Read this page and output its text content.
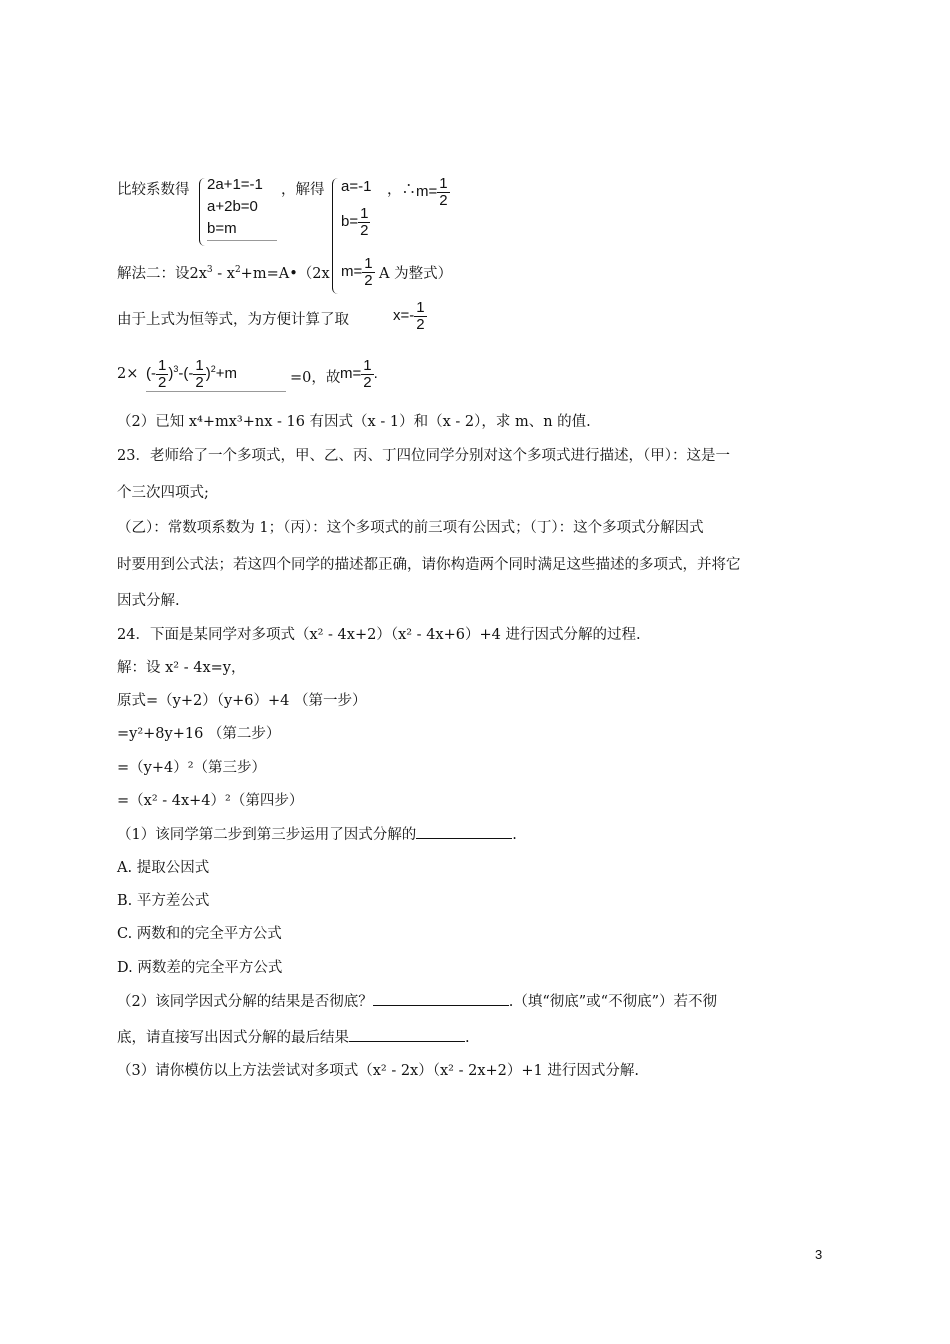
比较系数得 2a+1=-1
a+2b=0
b=m
，解得 a=-1
$b= \frac{1}{2}$
$m= \frac{1}{2}$
，∴ $m= \frac{1}{2}$
解法二：设$2x^3$ - $x^2+m=A•(2x$	A 为整式）
由于上式为恒等式，为方便计算了取	$x=- \frac{1}{2}$
2× (- $\frac{1}{2} )^3-(- \frac{1}{2} )^2+m$	=0，故 $m= \frac{1}{2}$ .
（2）已知 x⁴+mx³+nx - 16 有因式（x - 1）和（x - 2），求 m、n 的值.
23．老师给了一个多项式，甲、乙、丙、丁四位同学分别对这个多项式进行描述，（甲）：这是一
个三次四项式;
（乙）：常数项系数为 1；（丙）：这个多项式的前三项有公因式；（丁）：这个多项式分解因式
时要用到公式法；若这四个同学的描述都正确，请你构造两个同时满足这些描述的多项式，并将它
因式分解.
24．下面是某同学对多项式（x² - 4x+2）（x² - 4x+6）+4 进行因式分解的过程.
解：设 x² - 4x=y，
原式=（y+2）（y+6）+4 （第一步）
=y²+8y+16 （第二步）
=（y+4）²（第三步）
=（x² - 4x+4）²（第四步）
（1）该同学第二步到第三步运用了因式分解的	.
A. 提取公因式
B. 平方差公式
C. 两数和的完全平方公式
D. 两数差的完全平方公式
（2）该同学因式分解的结果是否彻底？	.（填“彻底”或“不彻底”）若不彻
底，请直接写出因式分解的最后结果	.
（3）请你模仿以上方法尝试对多项式（x² - 2x）（x² - 2x+2）+1 进行因式分解.
3
